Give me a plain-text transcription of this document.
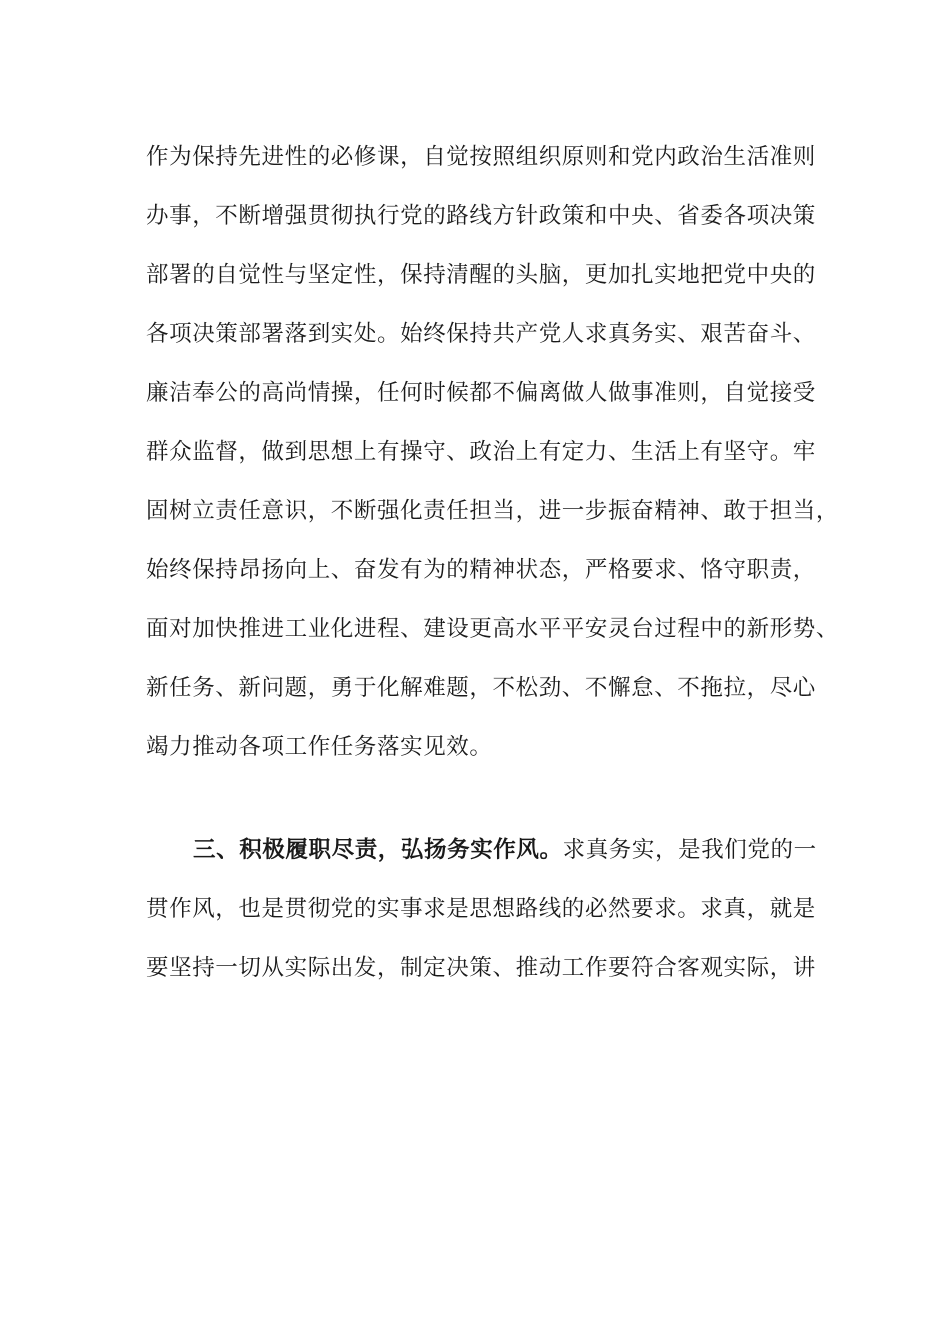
作为保持先进性的必修课，自觉按照组织原则和党内政治生活准则
办事，不断增强贯彻执行党的路线方针政策和中央、省委各项决策
部署的自觉性与坚定性，保持清醒的头脑，更加扎实地把党中央的
各项决策部署落到实处。始终保持共产党人求真务实、艰苦奋斗、
廉洁奉公的高尚情操，任何时候都不偏离做人做事准则，自觉接受
群众监督，做到思想上有操守、政治上有定力、生活上有坚守。牢
固树立责任意识，不断强化责任担当，进一步振奋精神、敢于担当，
始终保持昂扬向上、奋发有为的精神状态，严格要求、恪守职责，
面对加快推进工业化进程、建设更高水平平安灵台过程中的新形势、
新任务、新问题，勇于化解难题，不松劲、不懈怠、不拖拉，尽心
竭力推动各项工作任务落实见效。
三、积极履职尽责，弘扬务实作风。求真务实，是我们党的一
贯作风，也是贯彻党的实事求是思想路线的必然要求。求真，就是
要坚持一切从实际出发，制定决策、推动工作要符合客观实际，讲
